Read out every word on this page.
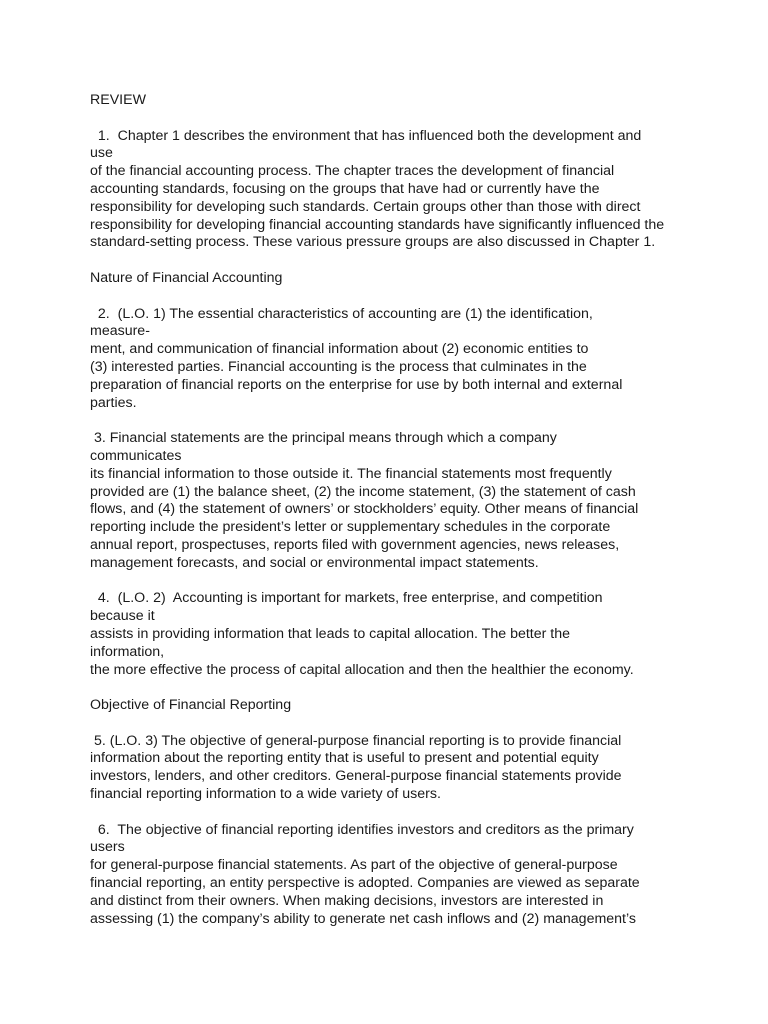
REVIEW
1.  Chapter 1 describes the environment that has influenced both the development and
use
of the financial accounting process. The chapter traces the development of financial
accounting standards, focusing on the groups that have had or currently have the
responsibility for developing such standards. Certain groups other than those with direct
responsibility for developing financial accounting standards have significantly influenced the
standard-setting process. These various pressure groups are also discussed in Chapter 1.
Nature of Financial Accounting
2.  (L.O. 1) The essential characteristics of accounting are (1) the identification,
measure-
ment, and communication of financial information about (2) economic entities to
(3) interested parties. Financial accounting is the process that culminates in the
preparation of financial reports on the enterprise for use by both internal and external
parties.
3. Financial statements are the principal means through which a company
communicates
its financial information to those outside it. The financial statements most frequently
provided are (1) the balance sheet, (2) the income statement, (3) the statement of cash
flows, and (4) the statement of owners’ or stockholders’ equity. Other means of financial
reporting include the president’s letter or supplementary schedules in the corporate
annual report, prospectuses, reports filed with government agencies, news releases,
management forecasts, and social or environmental impact statements.
4.  (L.O. 2)  Accounting is important for markets, free enterprise, and competition
because it
assists in providing information that leads to capital allocation. The better the
information,
the more effective the process of capital allocation and then the healthier the economy.
Objective of Financial Reporting
5. (L.O. 3) The objective of general-purpose financial reporting is to provide financial
information about the reporting entity that is useful to present and potential equity
investors, lenders, and other creditors. General-purpose financial statements provide
financial reporting information to a wide variety of users.
6.  The objective of financial reporting identifies investors and creditors as the primary
users
for general-purpose financial statements. As part of the objective of general-purpose
financial reporting, an entity perspective is adopted. Companies are viewed as separate
and distinct from their owners. When making decisions, investors are interested in
assessing (1) the company’s ability to generate net cash inflows and (2) management’s
